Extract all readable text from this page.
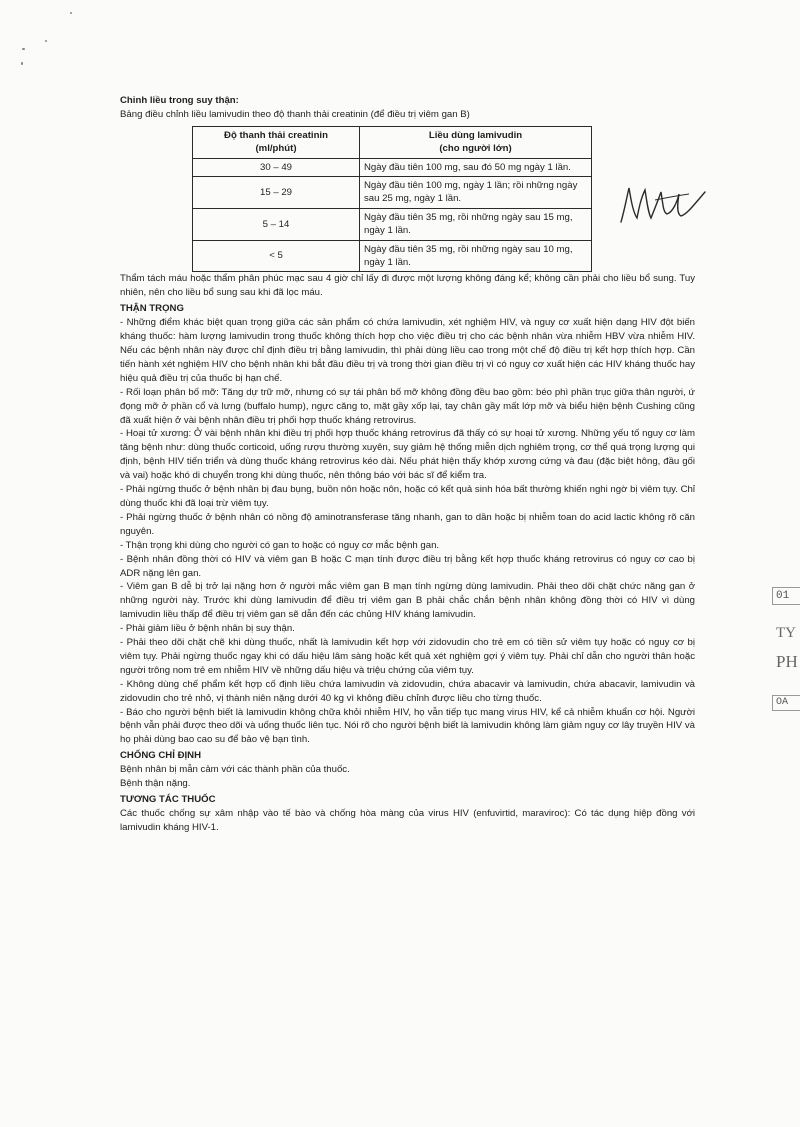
Chỉnh liều trong suy thận:

Bảng điều chỉnh liều lamivudin theo độ thanh thải creatinin (để điều trị viêm gan B)

Độ thanh thải creatinin
(ml/phút)	Liều dùng lamivudin
(cho người lớn)
30 – 49	Ngày đầu tiên 100 mg, sau đó 50 mg ngày 1 lần.
15 – 29	Ngày đầu tiên 100 mg, ngày 1 lần; rồi những ngày sau 25 mg, ngày 1 lần.
5 – 14	Ngày đầu tiên 35 mg, rồi những ngày sau 15 mg, ngày 1 lần.
< 5	Ngày đầu tiên 35 mg, rồi những ngày sau 10 mg, ngày 1 lần.

Thẩm tách máu hoặc thẩm phân phúc mạc sau 4 giờ chỉ lấy đi được một lượng không đáng kể; không cần phải cho liều bổ sung. Tuy nhiên, nên cho liều bổ sung sau khi đã lọc máu.

THẬN TRỌNG

- Những điểm khác biệt quan trọng giữa các sản phẩm có chứa lamivudin, xét nghiệm HIV, và nguy cơ xuất hiện dạng HIV đột biến kháng thuốc: hàm lượng lamivudin trong thuốc không thích hợp cho việc điều trị cho các bệnh nhân vừa nhiễm HBV vừa nhiễm HIV. Nếu các bệnh nhân này được chỉ định điều trị bằng lamivudin, thì phải dùng liều cao trong một chế độ điều trị kết hợp thích hợp. Cần tiến hành xét nghiệm HIV cho bệnh nhân khi bắt đầu điều trị và trong thời gian điều trị vì có nguy cơ xuất hiện các HIV kháng thuốc hay hiệu quả điều trị của thuốc bị hạn chế.

- Rối loạn phân bố mỡ: Tăng dự trữ mỡ, nhưng có sự tái phân bố mỡ không đồng đều bao gồm: béo phì phần trục giữa thân người, ứ đọng mỡ ở phần cổ và lưng (buffalo hump), ngực căng to, mặt gầy xốp lại, tay chân gầy mất lớp mỡ và biểu hiện bệnh Cushing cũng đã xuất hiện ở vài bệnh nhân điều trị phối hợp thuốc kháng retrovirus.

- Hoại tử xương: Ở vài bệnh nhân khi điều trị phối hợp thuốc kháng retrovirus đã thấy có sự hoại tử xương. Những yếu tố nguy cơ làm tăng bệnh như: dùng thuốc corticoid, uống rượu thường xuyên, suy giảm hệ thống miễn dịch nghiêm trọng, cơ thể quá trọng lượng qui định, bệnh HIV tiến triển và dùng thuốc kháng retrovirus kéo dài. Nếu phát hiện thấy khớp xương cứng và đau (đặc biệt hông, đầu gối và vai) hoặc khó di chuyển trong khi dùng thuốc, nên thông báo với bác sĩ để kiểm tra.

- Phải ngừng thuốc ở bệnh nhân bị đau bụng, buồn nôn hoặc nôn, hoặc có kết quả sinh hóa bất thường khiến nghi ngờ bị viêm tụy. Chỉ dùng thuốc khi đã loại trừ viêm tụy.

- Phải ngừng thuốc ở bệnh nhân có nồng độ aminotransferase tăng nhanh, gan to dần hoặc bị nhiễm toan do acid lactic không rõ căn nguyên.

- Thận trọng khi dùng cho người có gan to hoặc có nguy cơ mắc bệnh gan.

- Bệnh nhân đồng thời có HIV và viêm gan B hoặc C mạn tính được điều trị bằng kết hợp thuốc kháng retrovirus có nguy cơ cao bị ADR nặng lên gan.

- Viêm gan B dễ bị trở lại nặng hơn ở người mắc viêm gan B mạn tính ngừng dùng lamivudin. Phải theo dõi chặt chức năng gan ở những người này. Trước khi dùng lamivudin để điều trị viêm gan B phải chắc chắn bệnh nhân không đồng thời có HIV vì dùng lamivudin liều thấp để điều trị viêm gan sẽ dẫn đến các chủng HIV kháng lamivudin.

- Phải giảm liều ở bệnh nhân bị suy thận.

- Phải theo dõi chặt chẽ khi dùng thuốc, nhất là lamivudin kết hợp với zidovudin cho trẻ em có tiền sử viêm tụy hoặc có nguy cơ bị viêm tụy. Phải ngừng thuốc ngay khi có dấu hiệu lâm sàng hoặc kết quả xét nghiệm gợi ý viêm tụy. Phải chỉ dẫn cho người thân hoặc người trông nom trẻ em nhiễm HIV về những dấu hiệu và triệu chứng của viêm tụy.

- Không dùng chế phẩm kết hợp cố định liều chứa lamivudin và zidovudin, chứa abacavir và lamivudin, chứa abacavir, lamivudin và zidovudin cho trẻ nhỏ, vị thành niên nặng dưới 40 kg vì không điều chỉnh được liều cho từng thuốc.

- Báo cho người bệnh biết là lamivudin không chữa khỏi nhiễm HIV, họ vẫn tiếp tục mang virus HIV, kể cả nhiễm khuẩn cơ hội. Người bệnh vẫn phải được theo dõi và uống thuốc liên tục. Nói rõ cho người bệnh biết là lamivudin không làm giảm nguy cơ lây truyền HIV và họ phải dùng bao cao su để bảo vệ bạn tình.

CHỐNG CHỈ ĐỊNH

Bệnh nhân bị mẫn cảm với các thành phần của thuốc.

Bệnh thận nặng.

TƯƠNG TÁC THUỐC

Các thuốc chống sự xâm nhập vào tế bào và chống hòa màng của virus HIV (enfuvirtid, maraviroc): Có tác dụng hiệp đồng với lamivudin kháng HIV-1.

01
TY
PH
OA
